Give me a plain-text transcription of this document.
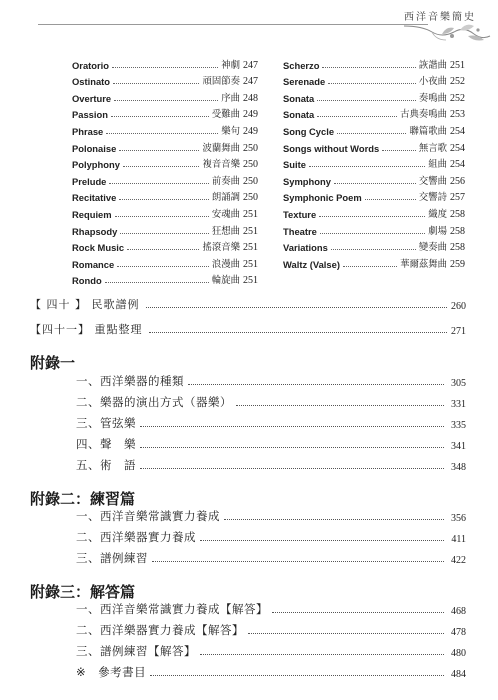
西洋音樂簡史
Oratorio	神劇 247
Ostinato	頑固節奏 247
Overture	序曲 248
Passion	受難曲 249
Phrase	樂句 249
Polonaise	波蘭舞曲 250
Polyphony	複音音樂 250
Prelude	前奏曲 250
Recitative	朗誦調 250
Requiem	安魂曲 251
Rhapsody	狂想曲 251
Rock Music	搖滾音樂 251
Romance	浪漫曲 251
Rondo	輪旋曲 251
Scherzo	詼諧曲 251
Serenade	小夜曲 252
Sonata	奏鳴曲 252
Sonata	古典奏鳴曲 253
Song Cycle	聯篇歌曲 254
Songs without Words	無言歌 254
Suite	組曲 254
Symphony	交響曲 256
Symphonic Poem	交響詩 257
Texture	織度 258
Theatre	劇場 258
Variations	變奏曲 258
Waltz (Valse)	華爾茲舞曲 259
【 四十 】 民歌譜例	260
【四十一】 重點整理	271
附錄一
一、西洋樂器的種類	305
二、樂器的演出方式（器樂）	331
三、管弦樂	335
四、聲　樂	341
五、術　語	348
附錄二：練習篇
一、西洋音樂常識實力養成	356
二、西洋樂器實力養成	411
三、譜例練習	422
附錄三：解答篇
一、西洋音樂常識實力養成【解答】	468
二、西洋樂器實力養成【解答】	478
三、譜例練習【解答】	480
※　參考書目	484
